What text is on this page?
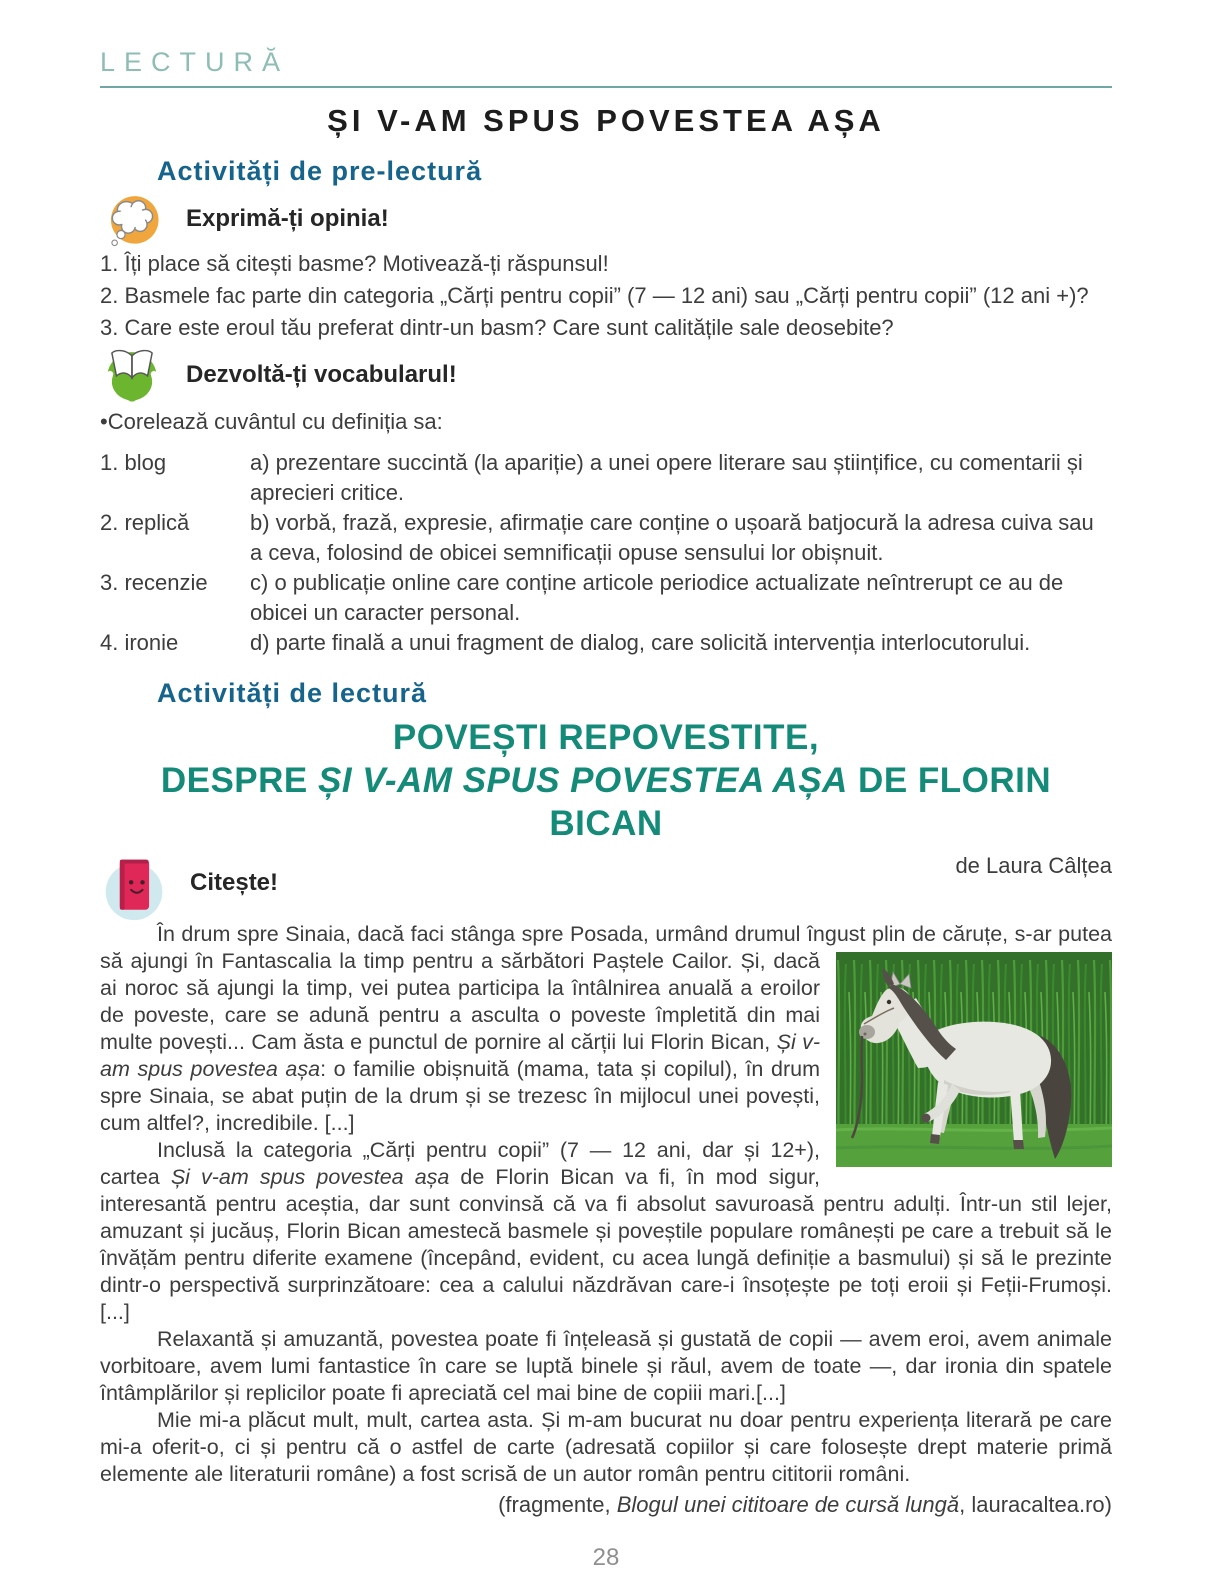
LECTURĂ
ȘI V-AM SPUS POVESTEA AȘA
Activități de pre-lectură
Exprimă-ți opinia!
1. Îți place să citești basme? Motivează-ți răspunsul!
2. Basmele fac parte din categoria „Cărți pentru copii” (7 — 12 ani) sau „Cărți pentru copii” (12 ani +)?
3. Care este eroul tău preferat dintr-un basm? Care sunt calitățile sale deosebite?
Dezvoltă-ți vocabularul!
•Corelează cuvântul cu definiția sa:
1. blog	a) prezentare succintă (la apariție) a unei opere literare sau științifice, cu comentarii și aprecieri critice.
2. replică	b) vorbă, frază, expresie, afirmație care conține o ușoară batjocură la adresa cuiva sau a ceva, folosind de obicei semnificații opuse sensului lor obișnuit.
3. recenzie	c) o publicație online care conține articole periodice actualizate neîntrerupt ce au de obicei un caracter personal.
4. ironie	d) parte finală a unui fragment de dialog, care solicită intervenția interlocutorului.
Activități de lectură
POVEȘTI REPOVESTITE,
DESPRE ȘI V-AM SPUS POVESTEA AȘA DE FLORIN BICAN
Citește!
de Laura Câlțea

În drum spre Sinaia, dacă faci stânga spre Posada, urmând drumul îngust plin de căruțe,
s-ar putea să ajungi în Fantascalia la timp pentru a sărbători Paștele Cailor. Și, dacă ai noroc să ajungi la timp, vei putea participa la întâlnirea anuală a eroilor de poveste, care se adună pentru a asculta o poveste împletită din mai multe povești... Cam ăsta e punctul de pornire al cărții lui Florin Bican, Și v-am spus povestea așa: o familie obișnuită (mama, tata și copilul), în drum spre Sinaia, se abat puțin de la drum și se trezesc în mijlocul unei povești, cum altfel?, incredibile. [...]

Inclusă la categoria „Cărți pentru copii” (7 — 12 ani, dar și 12+), cartea Și v-am spus povestea așa de Florin Bican va fi, în mod sigur, interesantă pentru aceștia, dar sunt convinsă că va fi absolut savuroasă pentru adulți. Într-un stil lejer, amuzant și jucăuș, Florin Bican amestecă basmele și poveștile populare românești pe care a trebuit să le învățăm pentru diferite examene (începând, evident, cu acea lungă definiție a basmului) și să le prezinte dintr-o perspectivă surprinzătoare: cea a calului năzdrăvan care-i însoțește pe toți eroii și Feții-Frumoși. [...]

Relaxantă și amuzantă, povestea poate fi înțeleasă și gustată de copii — avem eroi, avem animale vorbitoare, avem lumi fantastice în care se luptă binele și răul, avem de toate —, dar ironia din spatele întâmplărilor și replicilor poate fi apreciată cel mai bine de copiii mari.[...]

Mie mi-a plăcut mult, mult, cartea asta. Și m-am bucurat nu doar pentru experiența literară pe care mi-a oferit-o, ci și pentru că o astfel de carte (adresată copiilor și care folosește drept materie primă elemente ale literaturii române) a fost scrisă de un autor român pentru cititorii români.

(fragmente, Blogul unei cititoare de cursă lungă, lauracaltea.ro)
28
